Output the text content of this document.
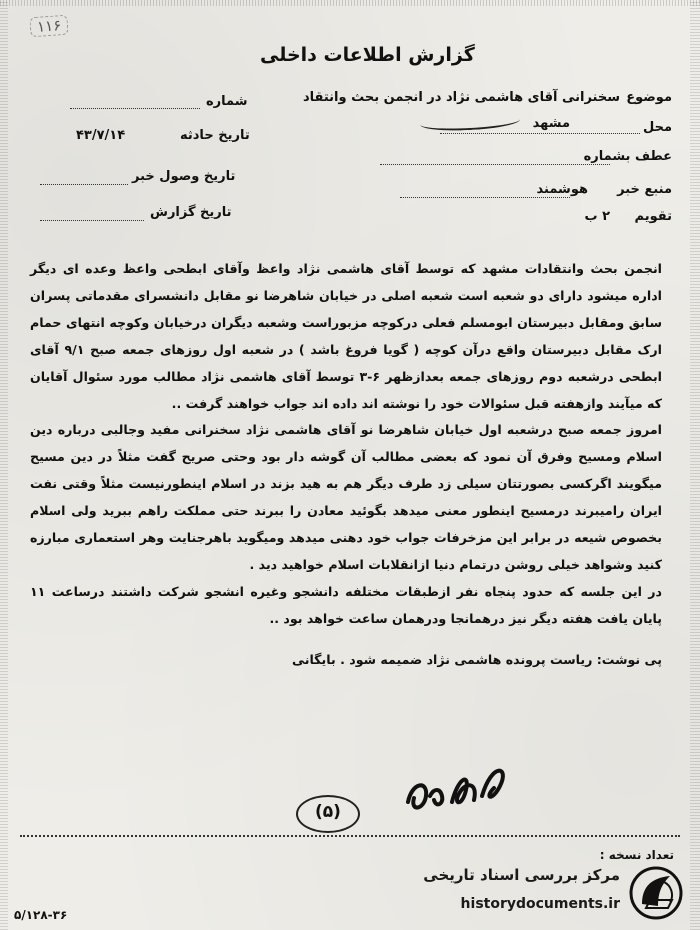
۱۱۶
گزارش اطلاعات داخلی
موضوع
سخنرانی آقای هاشمی نژاد در انجمن بحث وانتقاد
محل
مشهد
عطف بشماره
منبع خبر
هوشمند
تقویم
۲ ب
شماره
تاریخ حادثه
۴۳/۷/۱۴
تاریخ وصول خبر
تاریخ گزارش

انجمن بحث وانتقادات مشهد که توسط آقای هاشمی نژاد واعظ وآقای ابطحی واعظ وعده ای دیگر اداره میشود دارای دو شعبه است شعبه اصلی در خیابان شاهرضا نو مقابل دانشسرای مقدماتی پسران سابق ومقابل دبیرستان ابومسلم فعلی درکوچه مزبوراست وشعبه دیگران درخیابان وکوچه انتهای حمام ارک مقابل دبیرستان واقع درآن کوچه ( گویا فروغ باشد ) در شعبه اول روزهای جمعه صبح ۹/۱ آقای ابطحی درشعبه دوم روزهای جمعه بعدازظهر ۶-۳ توسط آقای هاشمی نژاد مطالب مورد سئوال آقایان که میآیند وازهفته قبل سئوالات خود را نوشته اند داده اند جواب خواهند گرفت ..

امروز جمعه صبح درشعبه اول خیابان شاهرضا نو آقای هاشمی نژاد سخنرانی مفید وجالبی درباره دین اسلام ومسیح وفرق آن نمود که بعضی مطالب آن گوشه دار بود وحتی صریح گفت مثلاً در دین مسیح میگویند اگرکسی بصورتتان سیلی زد طرف دیگر هم به هید بزند در اسلام اینطورنیست مثلاً وقتی نفت ایران رامیبرند درمسیح اینطور معنی میدهد بگوئید معادن را ببرند حتی مملکت راهم ببرید ولی اسلام بخصوص شیعه در برابر این مزخرفات جواب خود دهنی میدهد ومیگوید باهرجنایت وهر استعماری مبارزه کنید وشواهد خیلی روشن درتمام دنیا ازانقلابات اسلام خواهید دید .

در این جلسه که حدود پنجاه نفر ازطبقات مختلفه دانشجو وغیره انشجو شرکت داشتند درساعت ۱۱ پایان یافت هفته دیگر نیز درهمانجا ودرهمان ساعت خواهد بود ..

پی نوشت: ریاست پرونده هاشمی نژاد ضمیمه شود . بایگانی

(۵)
تعداد نسخه :
۵/۱۲۸-۳۶
مرکز بررسی اسناد تاریخی
historydocuments.ir
